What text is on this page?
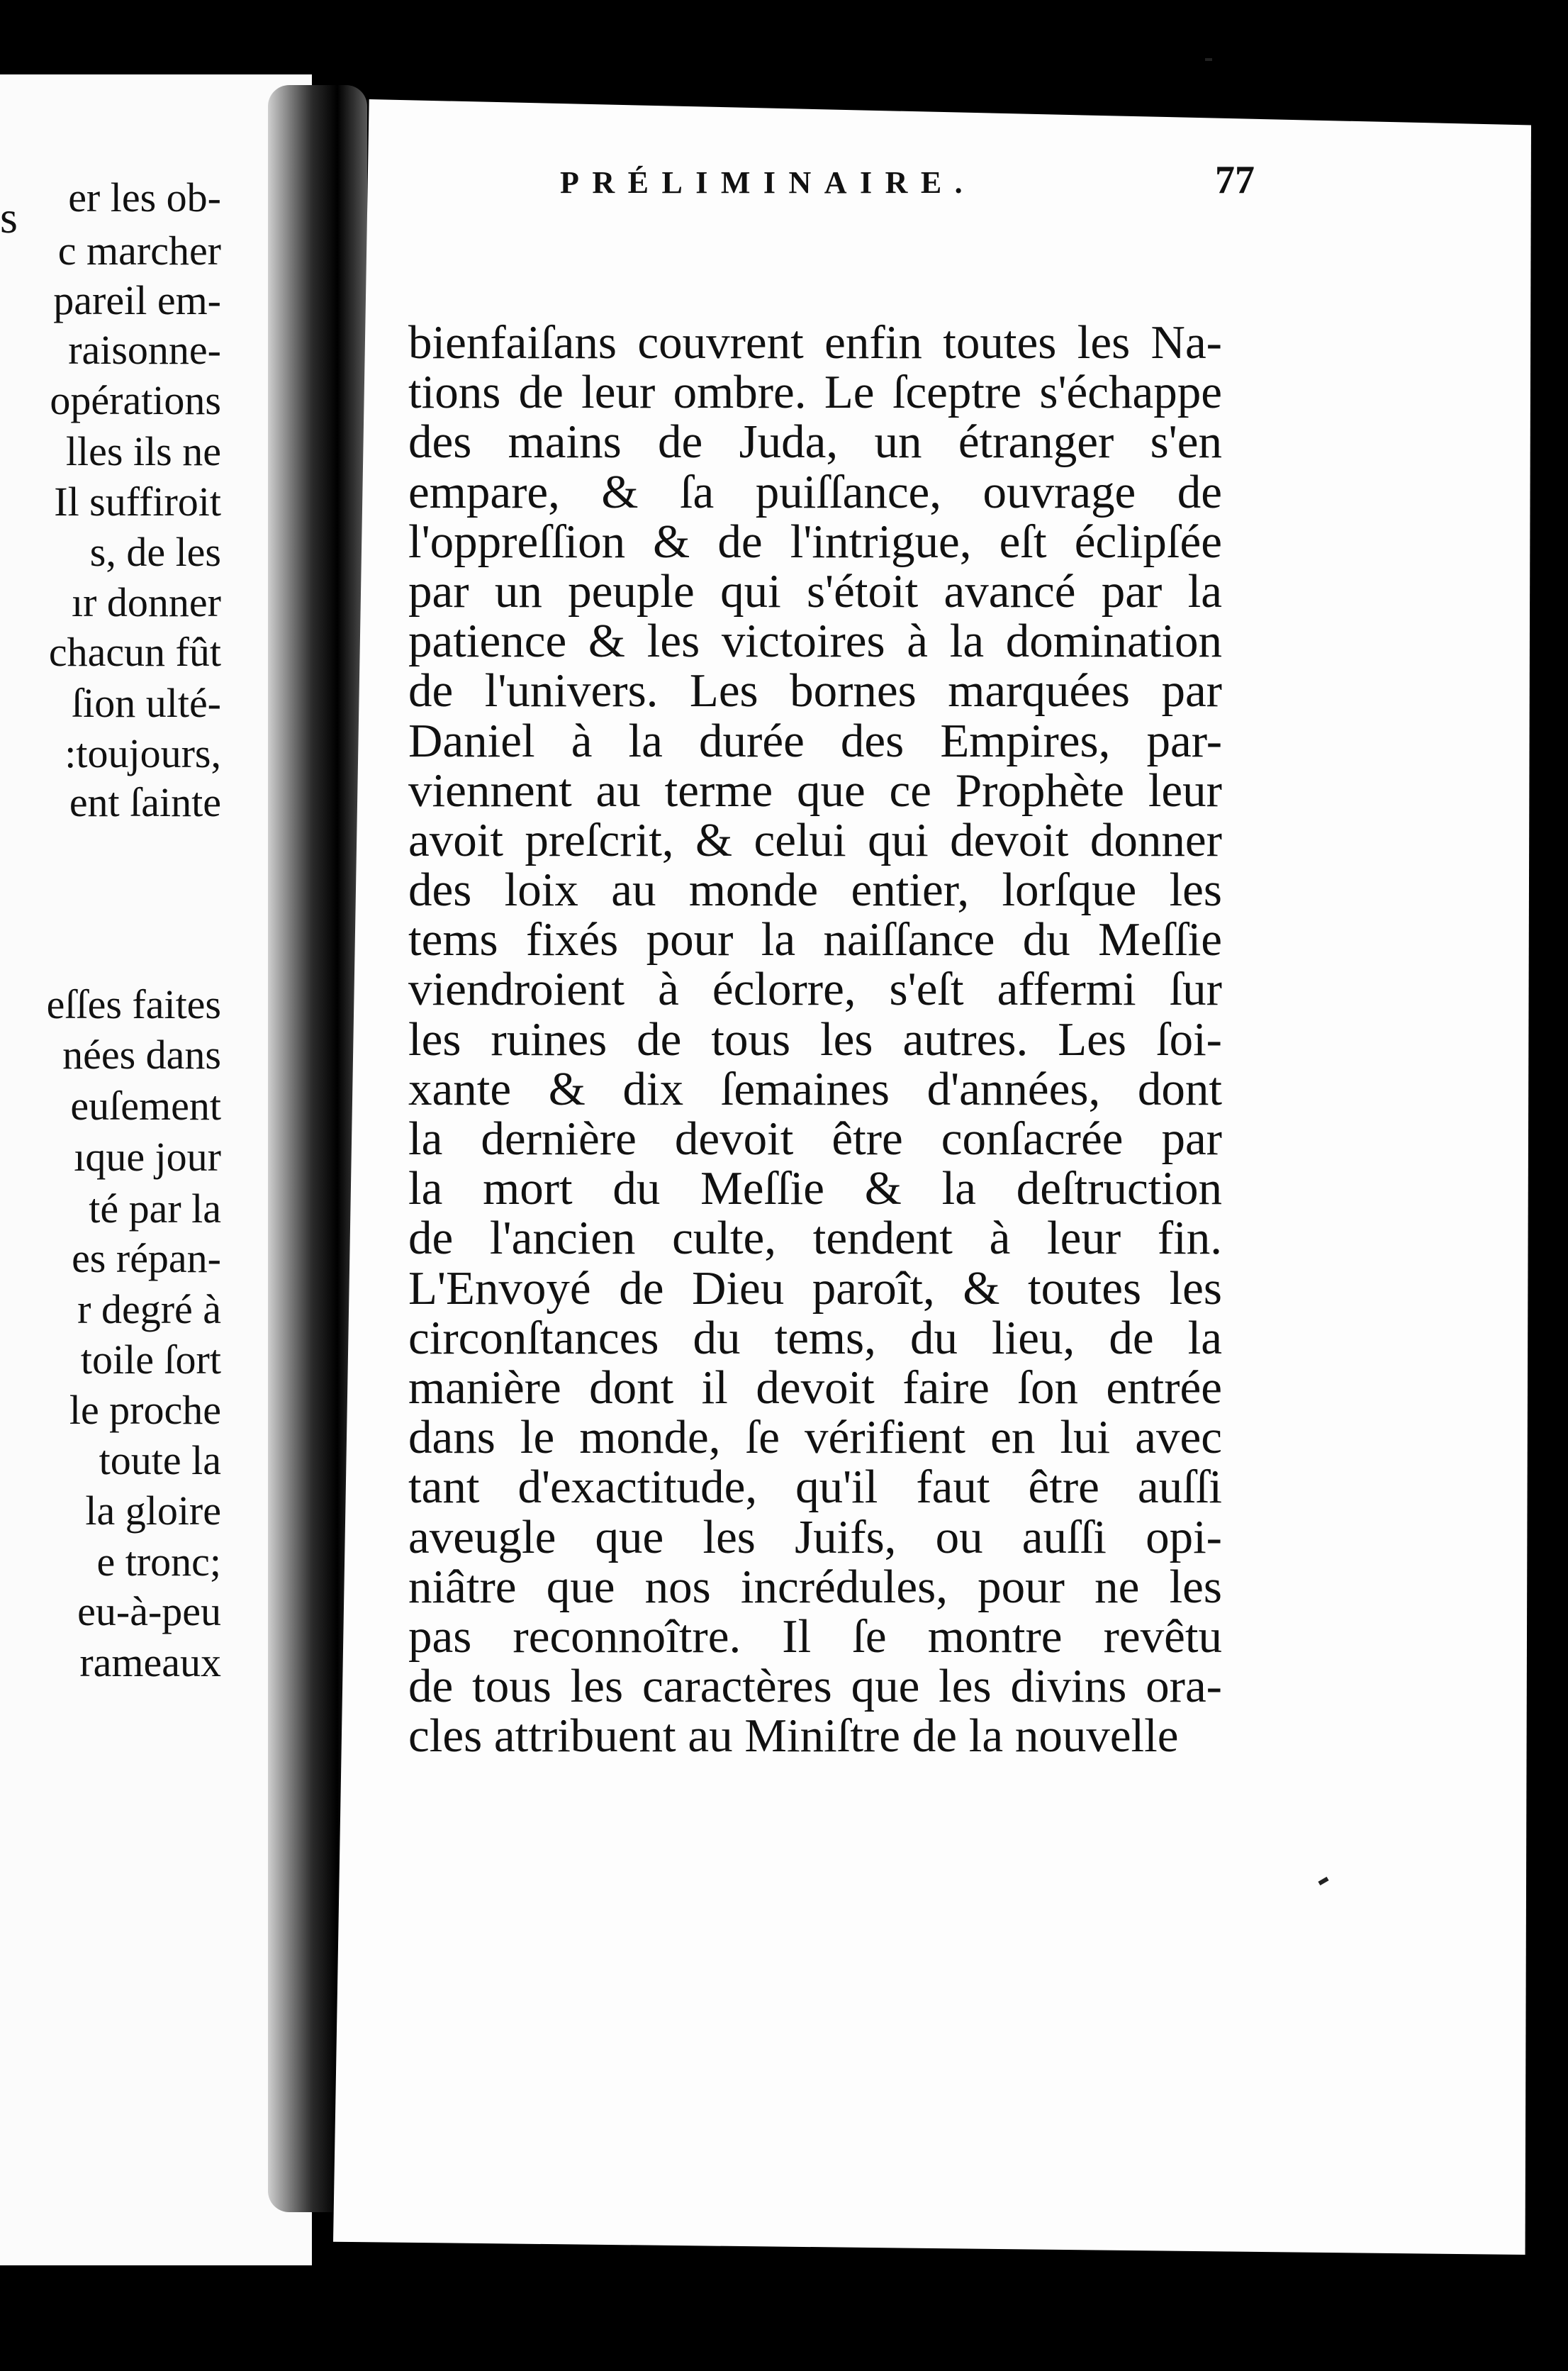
s er les ob-
c marcher
pareil em-
raisonne-
opérations
lles ils ne
Il suffiroit
s, de les
ır donner
chacun fût
ſion ulté-
:toujours,
ent ſainte
eſſes faites
nées dans
euſement
ıque jour
té par la
es répan-
r degré à
toile ſort
le proche
toute la
la gloire
e tronc;
eu-à-peu
rameaux
PRÉLIMINAIRE.	77
bienfaiſans couvrent enfin toutes les Na-
tions de leur ombre. Le ſceptre s'échappe
des mains de Juda, un étranger s'en
empare, & ſa puiſſance, ouvrage de
l'oppreſſion & de l'intrigue, eſt éclipſée
par un peuple qui s'étoit avancé par la
patience & les victoires à la domination
de l'univers. Les bornes marquées par
Daniel à la durée des Empires, par-
viennent au terme que ce Prophète leur
avoit preſcrit, & celui qui devoit donner
des loix au monde entier, lorſque les
tems fixés pour la naiſſance du Meſſie
viendroient à éclorre, s'eſt affermi ſur
les ruines de tous les autres. Les ſoi-
xante & dix ſemaines d'années, dont
la dernière devoit être conſacrée par
la mort du Meſſie & la deſtruction
de l'ancien culte, tendent à leur fin.
L'Envoyé de Dieu paroît, & toutes les
circonſtances du tems, du lieu, de la
manière dont il devoit faire ſon entrée
dans le monde, ſe vérifient en lui avec
tant d'exactitude, qu'il faut être auſſi
aveugle que les Juifs, ou auſſi opi-
niâtre que nos incrédules, pour ne les
pas reconnoître. Il ſe montre revêtu
de tous les caractères que les divins ora-
cles attribuent au Miniſtre de la nouvelle
